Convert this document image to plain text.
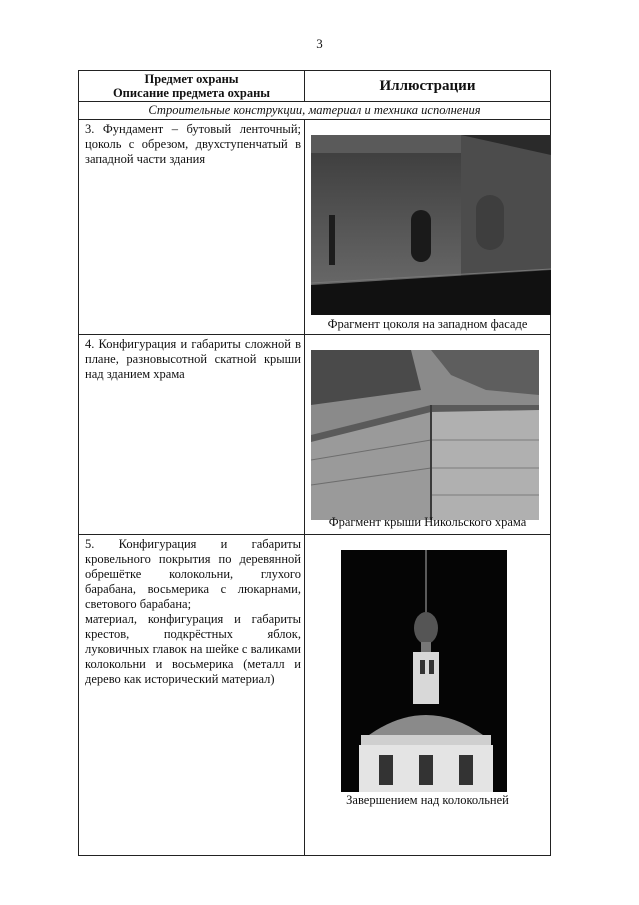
3
Предмет охраны
Описание предмета охраны	Иллюстрации
Строительные конструкции, материал и техника исполнения	

3. Фундамент – бутовый ленточный; цоколь с обрезом, двухступенчатый в западной части здания	Фрагмент цоколя на западном фасаде

4. Конфигурация и габариты сложной в плане, разновысотной скатной крыши над зданием храма	Фрагмент крыши Никольского храма

5. Конфигурация и габариты кровельного покрытия по деревянной обрешётке колокольни, глухого барабана, восьмерика с люкарнами, светового барабана;

материал, конфигурация и габариты крестов, подкрёстных яблок, луковичных главок на шейке с валиками колокольни и восьмерика (металл и дерево как исторический материал)	Завершением над колокольней
